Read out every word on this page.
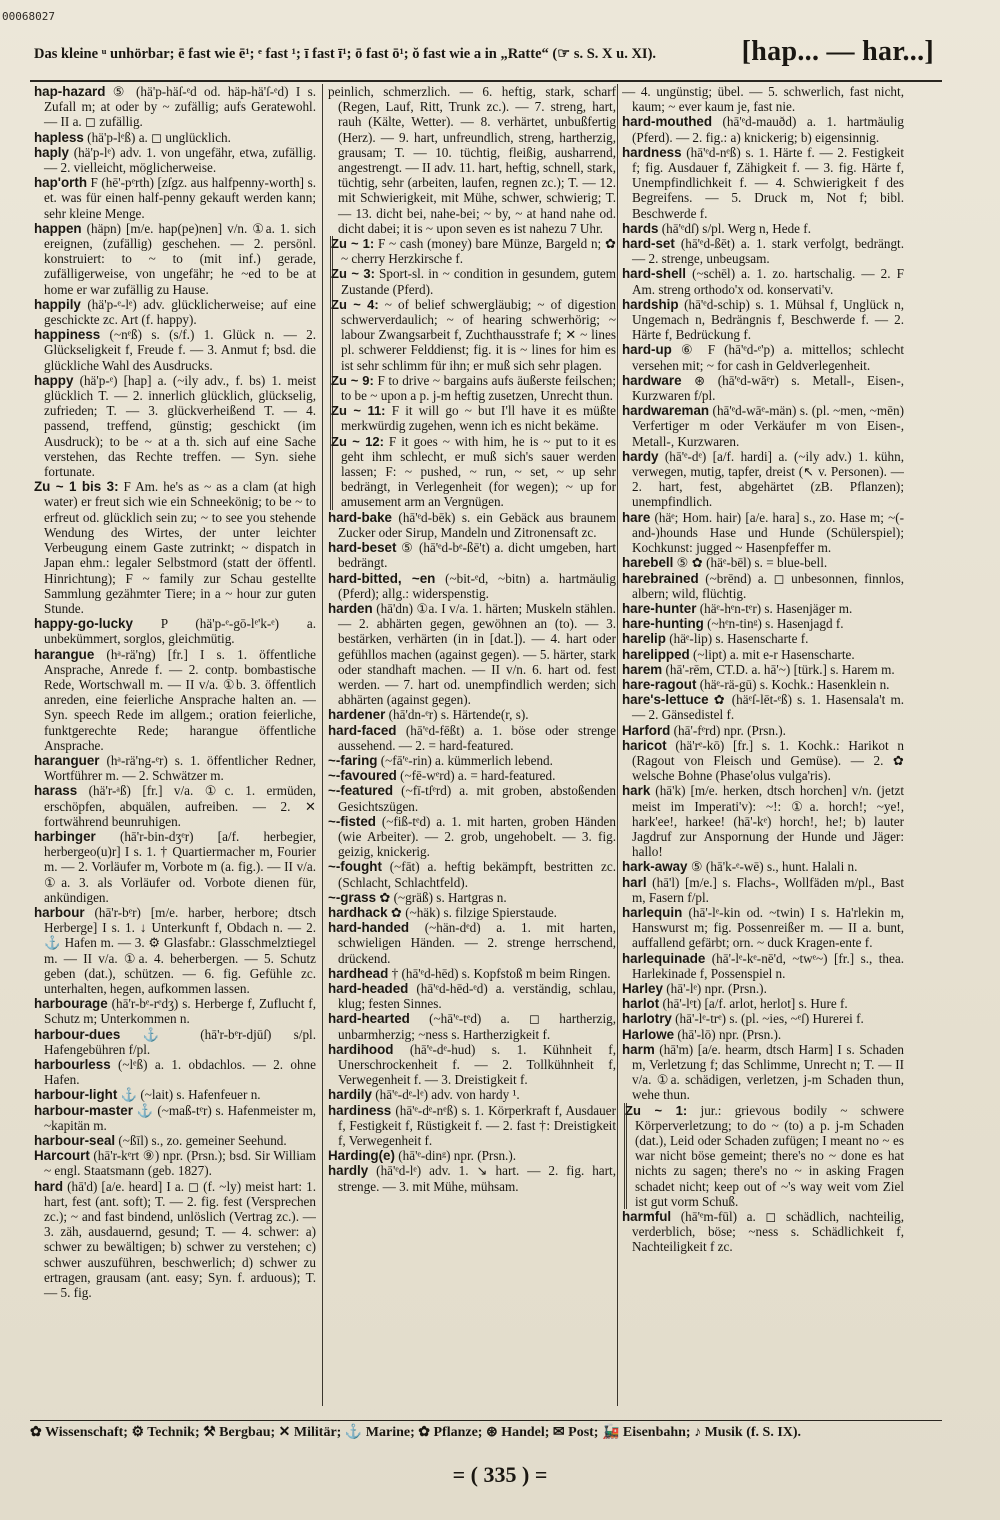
00068027
Das kleine ᵘ unhörbar; ē fast wie ē¹; ᵉ fast ¹; ī fast ī¹; ō fast ō¹; ŏ fast wie a in „Ratte“ (☞ s. S. X u. XI).	[hap... — har...]

hap-hazard ⑤ (hä'p-häſ-ᵉd od. häp-hä'ſ-ᵉd) I s. Zufall m; at oder by ~ zufällig; aufs Geratewohl. — II a. ◻ zufällig.

hapless (hä'p-lᵉß) a. ◻ unglücklich.

haply (hä'p-lᵉ) adv. 1. von ungefähr, etwa, zufällig. — 2. vielleicht, möglicherweise.

hap'orth F (hē'-pᵉrth) [zſgz. aus halfpenny-worth] s. et. was für einen half-penny gekauft werden kann; sehr kleine Menge.

happen (häpn) [m/e. hap(pe)nen] v/n. ①a. 1. sich ereignen, (zufällig) geschehen. — 2. persönl. konstruiert: to ~ to (mit inf.) gerade, zufälligerweise, von ungefähr; he ~ed to be at home er war zufällig zu Hause.

happily (hä'p-ᵉ-lᵉ) adv. glücklicherweise; auf eine geschickte zc. Art (f. happy).

happiness (~nᵉß) s. (s/f.) 1. Glück n. — 2. Glückseligkeit f, Freude f. — 3. Anmut f; bsd. die glückliche Wahl des Ausdrucks.

happy (hä'p-ᵉ) [hap] a. (~ily adv., f. bs) 1. meist glücklich T. — 2. innerlich glücklich, glückselig, zufrieden; T. — 3. glückverheißend T. — 4. passend, treffend, günstig; geschickt (im Ausdruck); to be ~ at a th. sich auf eine Sache verstehen, das Rechte treffen. — Syn. siehe fortunate.

Zu ~ 1 bis 3: F Am. he's as ~ as a clam (at high water) er freut sich wie ein Schneekönig; to be ~ to erfreut od. glücklich sein zu; ~ to see you stehende Wendung des Wirtes, der unter leichter Verbeugung einem Gaste zutrinkt; ~ dispatch in Japan ehm.: legaler Selbstmord (statt der öffentl. Hinrichtung); F ~ family zur Schau gestellte Sammlung gezähmter Tiere; in a ~ hour zur guten Stunde.

happy-go-lucky P (hä'p-ᵉ-gō-lᵉ'k-ᵉ) a. unbekümmert, sorglos, gleichmütig.

harangue (hᵃ-rä'ng) [fr.] I s. 1. öffentliche Ansprache, Anrede f. — 2. contp. bombastische Rede, Wortschwall m. — II v/a. ①b. 3. öffentlich anreden, eine feierliche Ansprache halten an. — Syn. speech Rede im allgem.; oration feierliche, funktgerechte Rede; harangue öffentliche Ansprache.

haranguer (hᵃ-rä'ng-ᵉr) s. 1. öffentlicher Redner, Wortführer m. — 2. Schwätzer m.

harass (hä'r-ᵃß) [fr.] v/a. ①c. 1. ermüden, erschöpfen, abquälen, aufreiben. — 2. ✕ fortwährend beunruhigen.

harbinger (hā'r-bin-dʒᵉr) [a/f. herbegier, herbergeo(u)r] I s. 1. † Quartiermacher m, Fourier m. — 2. Vorläufer m, Vorbote m (a. fig.). — II v/a. ①a. 3. als Vorläufer od. Vorbote dienen für, ankündigen.

harbour (hā'r-bᵉr) [m/e. harber, herbore; dtsch Herberge] I s. 1. ↓ Unterkunft f, Obdach n. — 2. ⚓ Hafen m. — 3. ⚙ Glasfabr.: Glasschmelztiegel m. — II v/a. ①a. 4. beherbergen. — 5. Schutz geben (dat.), schützen. — 6. fig. Gefühle zc. unterhalten, hegen, aufkommen lassen.

harbourage (hā'r-bᵉ-rᵉdʒ) s. Herberge f, Zuflucht f, Schutz m; Unterkommen n.

harbour-dues ⚓ (hā'r-bᵉr-djūſ) s/pl. Hafengebühren f/pl.

harbourless (~lᵉß) a. 1. obdachlos. — 2. ohne Hafen.

harbour-light ⚓ (~lait) s. Hafenfeuer n.

harbour-master ⚓ (~maß-tᵉr) s. Hafenmeister m, ~kapitän m.

harbour-seal (~ßīl) s., zo. gemeiner Seehund.

Harcourt (hā'r-kᵉrt ⑨) npr. (Prsn.); bsd. Sir William ~ engl. Staatsmann (geb. 1827).

hard (hā'd) [a/e. heard] I a. ◻ (f. ~ly) meist hart: 1. hart, fest (ant. soft); T. — 2. fig. fest (Versprechen zc.); ~ and fast bindend, unlöslich (Vertrag zc.). — 3. zäh, ausdauernd, gesund; T. — 4. schwer: a) schwer zu bewältigen; b) schwer zu verstehen; c) schwer auszuführen, beschwerlich; d) schwer zu ertragen, grausam (ant. easy; Syn. f. arduous); T. — 5. fig.

peinlich, schmerzlich. — 6. heftig, stark, scharf (Regen, Lauf, Ritt, Trunk zc.). — 7. streng, hart, rauh (Kälte, Wetter). — 8. verhärtet, unbußfertig (Herz). — 9. hart, unfreundlich, streng, hartherzig, grausam; T. — 10. tüchtig, fleißig, ausharrend, angestrengt. — II adv. 11. hart, heftig, schnell, stark, tüchtig, sehr (arbeiten, laufen, regnen zc.); T. — 12. mit Schwierigkeit, mit Mühe, schwer, schwierig; T. — 13. dicht bei, nahe-bei; ~ by, ~ at hand nahe od. dicht dabei; it is ~ upon seven es ist nahezu 7 Uhr.

Zu ~ 1: F ~ cash (money) bare Münze, Bargeld n; ✿ ~ cherry Herzkirsche f.

Zu ~ 3: Sport-sl. in ~ condition in gesundem, gutem Zustande (Pferd).

Zu ~ 4: ~ of belief schwergläubig; ~ of digestion schwerverdaulich; ~ of hearing schwerhörig; ~ labour Zwangsarbeit f, Zuchthausstrafe f; ✕ ~ lines pl. schwerer Felddienst; fig. it is ~ lines for him es ist sehr schlimm für ihn; er muß sich sehr plagen.

Zu ~ 9: F to drive ~ bargains aufs äußerste feilschen; to be ~ upon a p. j-m heftig zusetzen, Unrecht thun.

Zu ~ 11: F it will go ~ but I'll have it es müßte merkwürdig zugehen, wenn ich es nicht bekäme.

Zu ~ 12: F it goes ~ with him, he is ~ put to it es geht ihm schlecht, er muß sich's sauer werden lassen; F: ~ pushed, ~ run, ~ set, ~ up sehr bedrängt, in Verlegenheit (for wegen); ~ up for amusement arm an Vergnügen.

hard-bake (hā'ᵉd-bēk) s. ein Gebäck aus braunem Zucker oder Sirup, Mandeln und Zitronensaft zc.

hard-beset ⑤ (hā'ᵉd-bᵉ-ßē't) a. dicht umgeben, hart bedrängt.

hard-bitted, ~en (~bit-ᵉd, ~bitn) a. hartmäulig (Pferd); allg.: widerspenstig.

harden (hā'dn) ①a. I v/a. 1. härten; Muskeln stählen. — 2. abhärten gegen, gewöhnen an (to). — 3. bestärken, verhärten (in in [dat.]). — 4. hart oder gefühllos machen (against gegen). — 5. härter, stark oder standhaft machen. — II v/n. 6. hart od. fest werden. — 7. hart od. unempfindlich werden; sich abhärten (against gegen).

hardener (hā'dn-ᵉr) s. Härtende(r, s).

hard-faced (hā'ᵉd-fēßt) a. 1. böse oder strenge aussehend. — 2. = hard-featured.

~-faring (~fā'ᵉ-rin) a. kümmerlich lebend.

~-favoured (~fē-wᵉrd) a. = hard-featured.

~-featured (~fī-tſᵉrd) a. mit groben, abstoßenden Gesichtszügen.

~-fisted (~fiß-tᵉd) a. 1. mit harten, groben Händen (wie Arbeiter). — 2. grob, ungehobelt. — 3. fig. geizig, knickerig.

~-fought (~fāt) a. heftig bekämpft, bestritten zc. (Schlacht, Schlachtfeld).

~-grass ✿ (~gräß) s. Hartgras n.

hardhack ✿ (~häk) s. filzige Spierstaude.

hard-handed (~hän-dᵉd) a. 1. mit harten, schwieligen Händen. — 2. strenge herrschend, drückend.

hardhead † (hā'ᵉd-hēd) s. Kopfstoß m beim Ringen.

hard-headed (hā'ᵉd-hēd-ᵉd) a. verständig, schlau, klug; festen Sinnes.

hard-hearted (~hā'ᵉ-tᵉd) a. ◻ hartherzig, unbarmherzig; ~ness s. Hartherzigkeit f.

hardihood (hā'ᵉ-dᵉ-hud) s. 1. Kühnheit f, Unerschrockenheit f. — 2. Tollkühnheit f, Verwegenheit f. — 3. Dreistigkeit f.

hardily (hā'ᵉ-dᵉ-lᵉ) adv. von hardy ¹.

hardiness (hā'ᵉ-dᵉ-nᵉß) s. 1. Körperkraft f, Ausdauer f, Festigkeit f, Rüstigkeit f. — 2. fast †: Dreistigkeit f, Verwegenheit f.

Harding(e) (hā'ᵉ-dinᵍ) npr. (Prsn.).

hardly (hā'ᵉd-lᵉ) adv. 1. ↘ hart. — 2. fig. hart, strenge. — 3. mit Mühe, mühsam.

— 4. ungünstig; übel. — 5. schwerlich, fast nicht, kaum; ~ ever kaum je, fast nie.

hard-mouthed (hā'ᵉd-mauðd) a. 1. hartmäulig (Pferd). — 2. fig.: a) knickerig; b) eigensinnig.

hardness (hā'ᵉd-nᵉß) s. 1. Härte f. — 2. Festigkeit f; fig. Ausdauer f, Zähigkeit f. — 3. fig. Härte f, Unempfindlichkeit f. — 4. Schwierigkeit f des Begreifens. — 5. Druck m, Not f; bibl. Beschwerde f.

hards (hā'ᵉdſ) s/pl. Werg n, Hede f.

hard-set (hā'ᵉd-ßēt) a. 1. stark verfolgt, bedrängt. — 2. strenge, unbeugsam.

hard-shell (~schēl) a. 1. zo. hartschalig. — 2. F Am. streng orthodo'x od. konservati'v.

hardship (hā'ᵉd-schip) s. 1. Mühsal f, Unglück n, Ungemach n, Bedrängnis f, Beschwerde f. — 2. Härte f, Bedrückung f.

hard-up ⑥ F (hā'ᵉd-ᵉ'p) a. mittellos; schlecht versehen mit; ~ for cash in Geldverlegenheit.

hardware ⊛ (hā'ᵉd-wāᵉr) s. Metall-, Eisen-, Kurzwaren f/pl.

hardwareman (hā'ᵉd-wāᵉ-män) s. (pl. ~men, ~mēn) Verfertiger m oder Verkäufer m von Eisen-, Metall-, Kurzwaren.

hardy (hā'ᵉ-dᵉ) [a/f. hardi] a. (~ily adv.) 1. kühn, verwegen, mutig, tapfer, dreist (↖ v. Personen). — 2. hart, fest, abgehärtet (zB. Pflanzen); unempfindlich.

hare (häᵉ; Hom. hair) [a/e. hara] s., zo. Hase m; ~(-and-)hounds Hase und Hunde (Schülerspiel); Kochkunst: jugged ~ Hasenpfeffer m.

harebell ⑤ ✿ (häᵉ-bēl) s. = blue-bell.

harebrained (~brēnd) a. ◻ unbesonnen, finnlos, albern; wild, flüchtig.

hare-hunter (häᵉ-hᵉn-tᵉr) s. Hasenjäger m.

hare-hunting (~hᵉn-tinᵍ) s. Hasenjagd f.

harelip (häᵉ-lip) s. Hasenscharte f.

harelipped (~lipt) a. mit e-r Hasenscharte.

harem (hā'-rēm, CT.D. a. hā'~) [türk.] s. Harem m.

hare-ragout (häᵉ-rä-gū) s. Kochk.: Hasenklein n.

hare's-lettuce ✿ (häᵉſ-lēt-ᵉß) s. 1. Hasensala't m. — 2. Gänsedistel f.

Harford (hā'-fᵉrd) npr. (Prsn.).

haricot (hä'rᵉ-kō) [fr.] s. 1. Kochk.: Harikot n (Ragout von Fleisch und Gemüse). — 2. ✿ welsche Bohne (Phase'olus vulga'ris).

hark (hā'k) [m/e. herken, dtsch horchen] v/n. (jetzt meist im Imperati'v): ~!: ①a. horch!; ~ye!, hark'ee!, harkee! (hā'-kᵉ) horch!, he!; b) lauter Jagdruf zur Anspornung der Hunde und Jäger: hallo!

hark-away ⑤ (hā'k-ᵉ-wē) s., hunt. Halali n.

harl (hā'l) [m/e.] s. Flachs-, Wollfäden m/pl., Bast m, Fasern f/pl.

harlequin (hā'-lᵉ-kin od. ~twin) I s. Ha'rlekin m, Hanswurst m; fig. Possenreißer m. — II a. bunt, auffallend gefärbt; orn. ~ duck Kragen-ente f.

harlequinade (hā'-lᵉ-kᵉ-nē'd, ~twᵉ~) [fr.] s., thea. Harlekinade f, Possenspiel n.

Harley (hā'-lᵉ) npr. (Prsn.).

harlot (hā'-lᵉt) [a/f. arlot, herlot] s. Hure f.

harlotry (hā'-lᵉ-trᵉ) s. (pl. ~ies, ~ᵉſ) Hurerei f.

Harlowe (hā'-lō) npr. (Prsn.).

harm (hā'm) [a/e. hearm, dtsch Harm] I s. Schaden m, Verletzung f; das Schlimme, Unrecht n; T. — II v/a. ①a. schädigen, verletzen, j-m Schaden thun, wehe thun.

Zu ~ 1: jur.: grievous bodily ~ schwere Körperverletzung; to do ~ (to) a p. j-m Schaden (dat.), Leid oder Schaden zufügen; I meant no ~ es war nicht böse gemeint; there's no ~ done es hat nichts zu sagen; there's no ~ in asking Fragen schadet nicht; keep out of ~'s way weit vom Ziel ist gut vorm Schuß.

harmful (hā'ᵉm-fūl) a. ◻ schädlich, nachteilig, verderblich, böse; ~ness s. Schädlichkeit f, Nachteiligkeit f zc.

✿ Wissenschaft; ⚙ Technik; ⚒ Bergbau; ✕ Militär; ⚓ Marine; ✿ Pflanze; ⊛ Handel; ✉ Post; 🚂 Eisenbahn; ♪ Musik (f. S. IX).
= ( 335 ) =
